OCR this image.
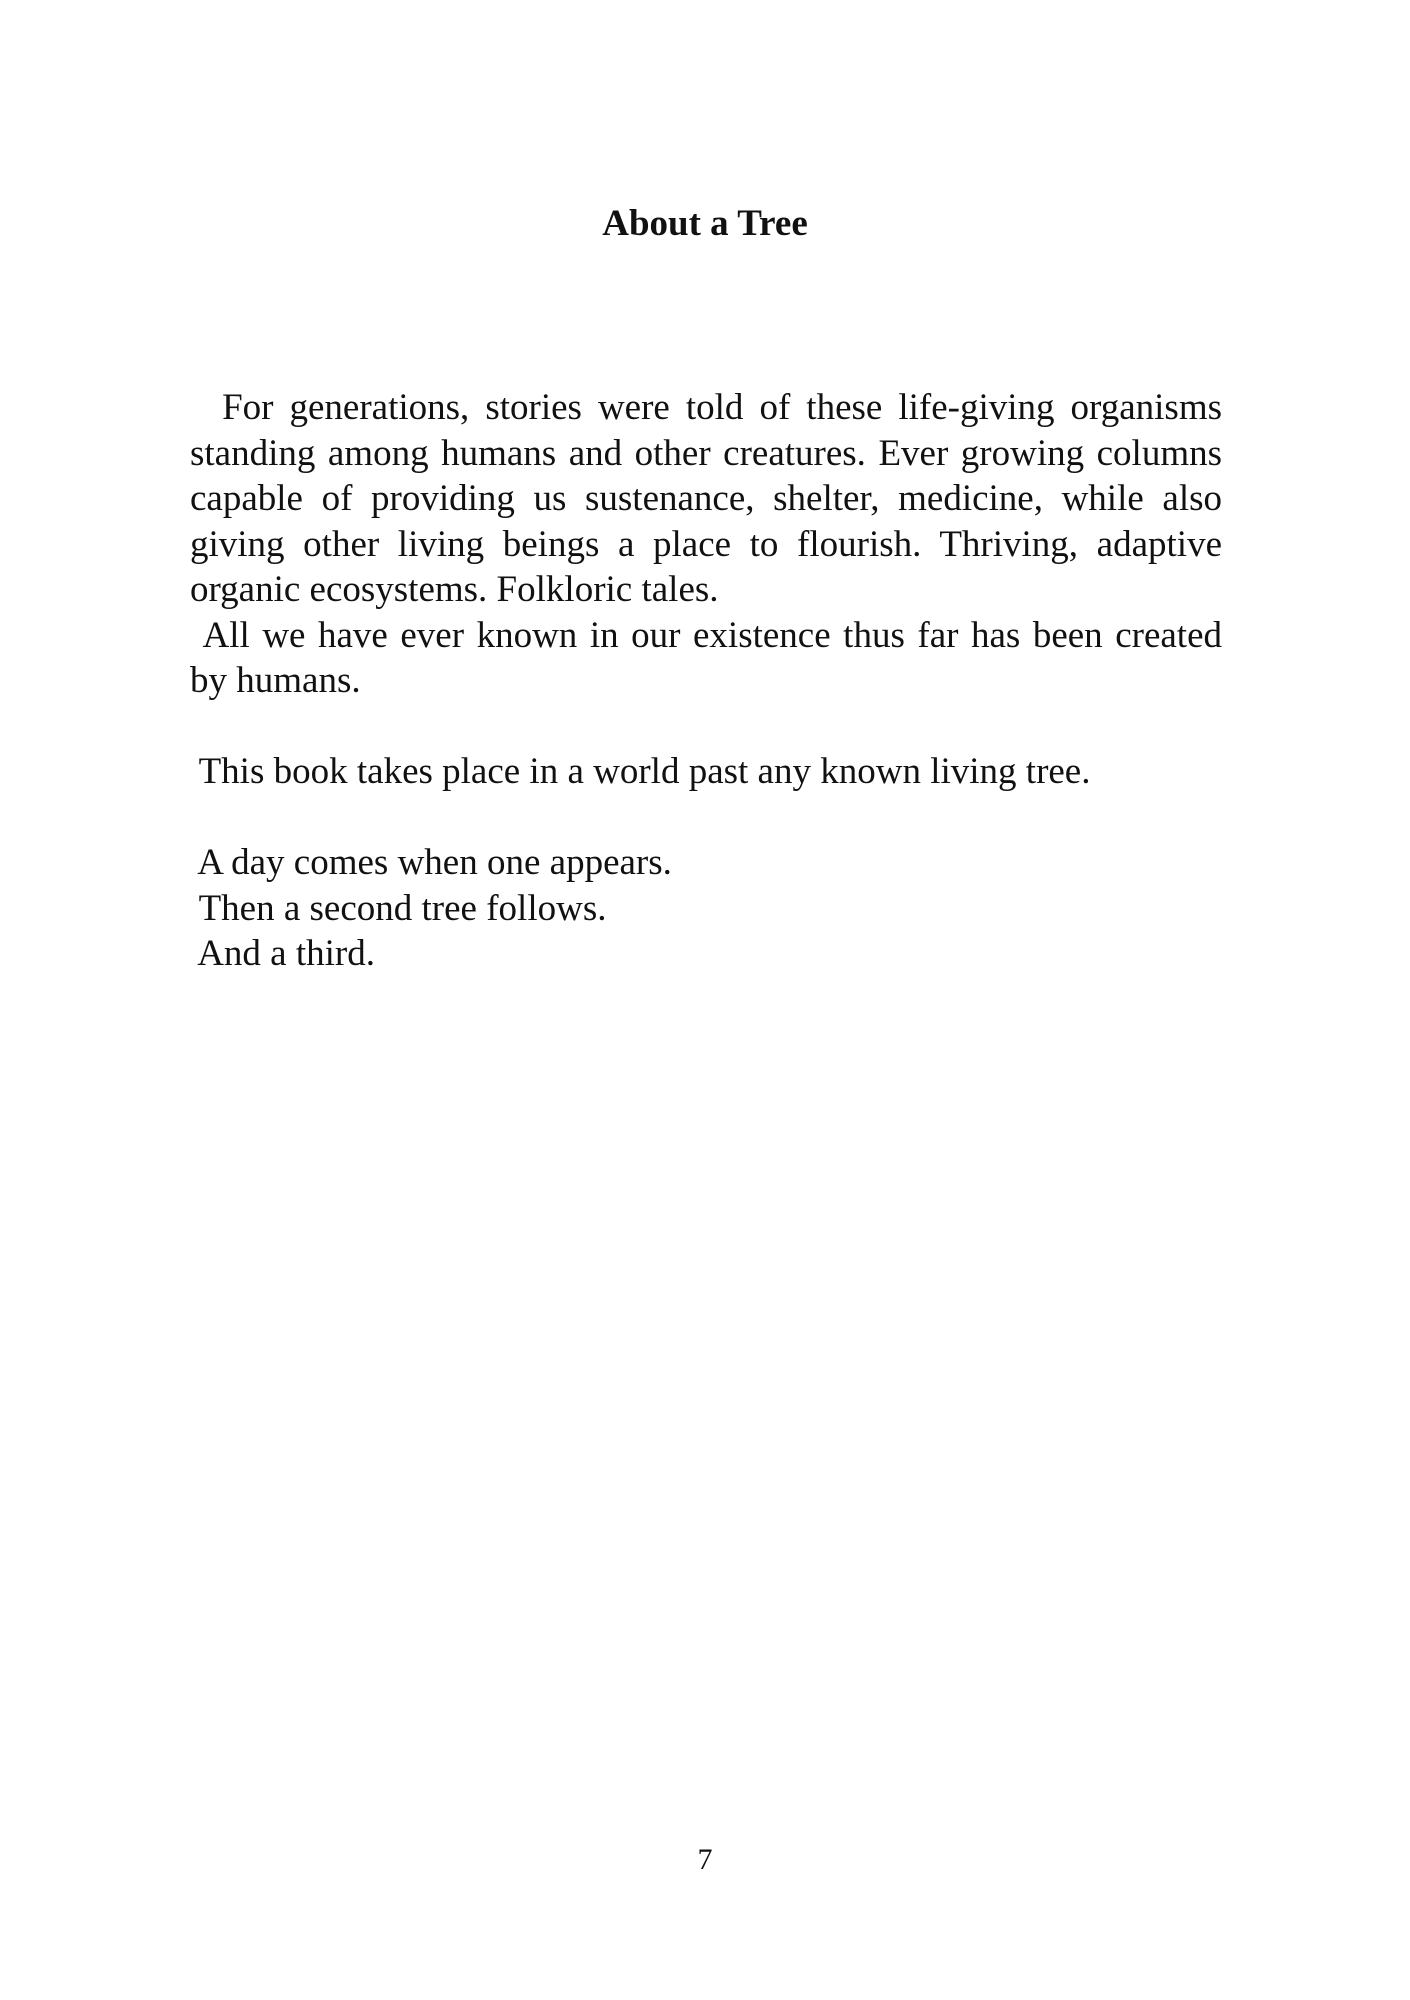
About a Tree

For generations, stories were told of these life-giving organisms standing among humans and other creatures. Ever growing columns capable of providing us sustenance, shelter, medicine, while also giving other living beings a place to flourish. Thriving, adaptive organic ecosystems. Folkloric tales.

All we have ever known in our existence thus far has been created by humans.

This book takes place in a world past any known living tree.

A day comes when one appears.

Then a second tree follows.

And a third.

7
